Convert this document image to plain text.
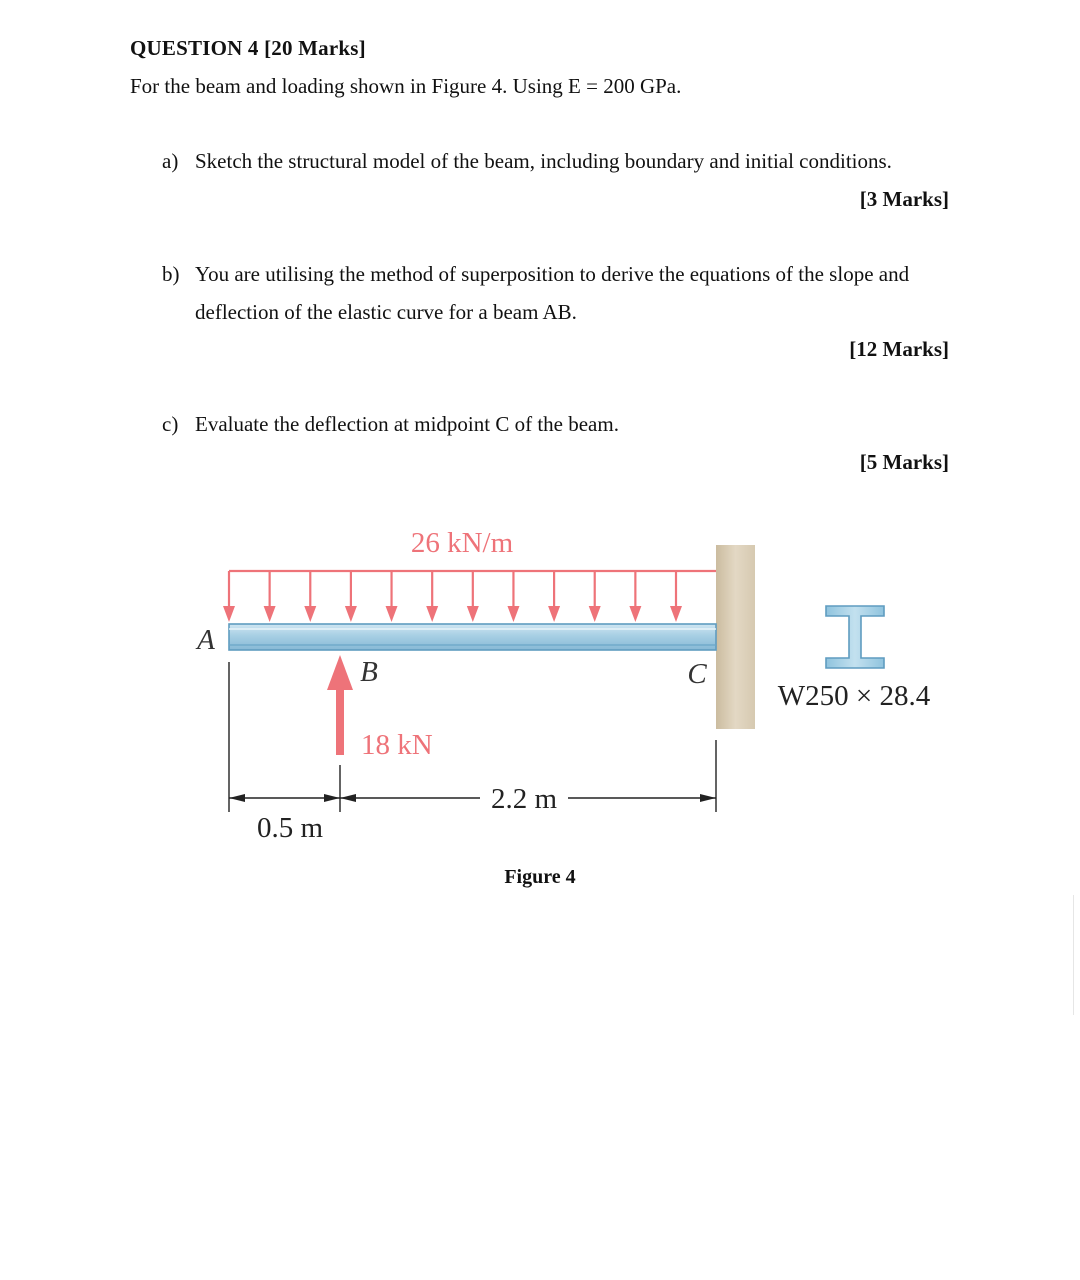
QUESTION 4 [20 Marks]
For the beam and loading shown in Figure 4. Using E = 200 GPa.
a) Sketch the structural model of the beam, including boundary and initial conditions.
[3 Marks]
b) You are utilising the method of superposition to derive the equations of the slope and
deflection of the elastic curve for a beam AB.
[12 Marks]
c) Evaluate the deflection at midpoint C of the beam.
[5 Marks]
26 kN/m
A
B	C
18 kN
0.5 m
2.2 m
W250 × 28.4
Figure 4
